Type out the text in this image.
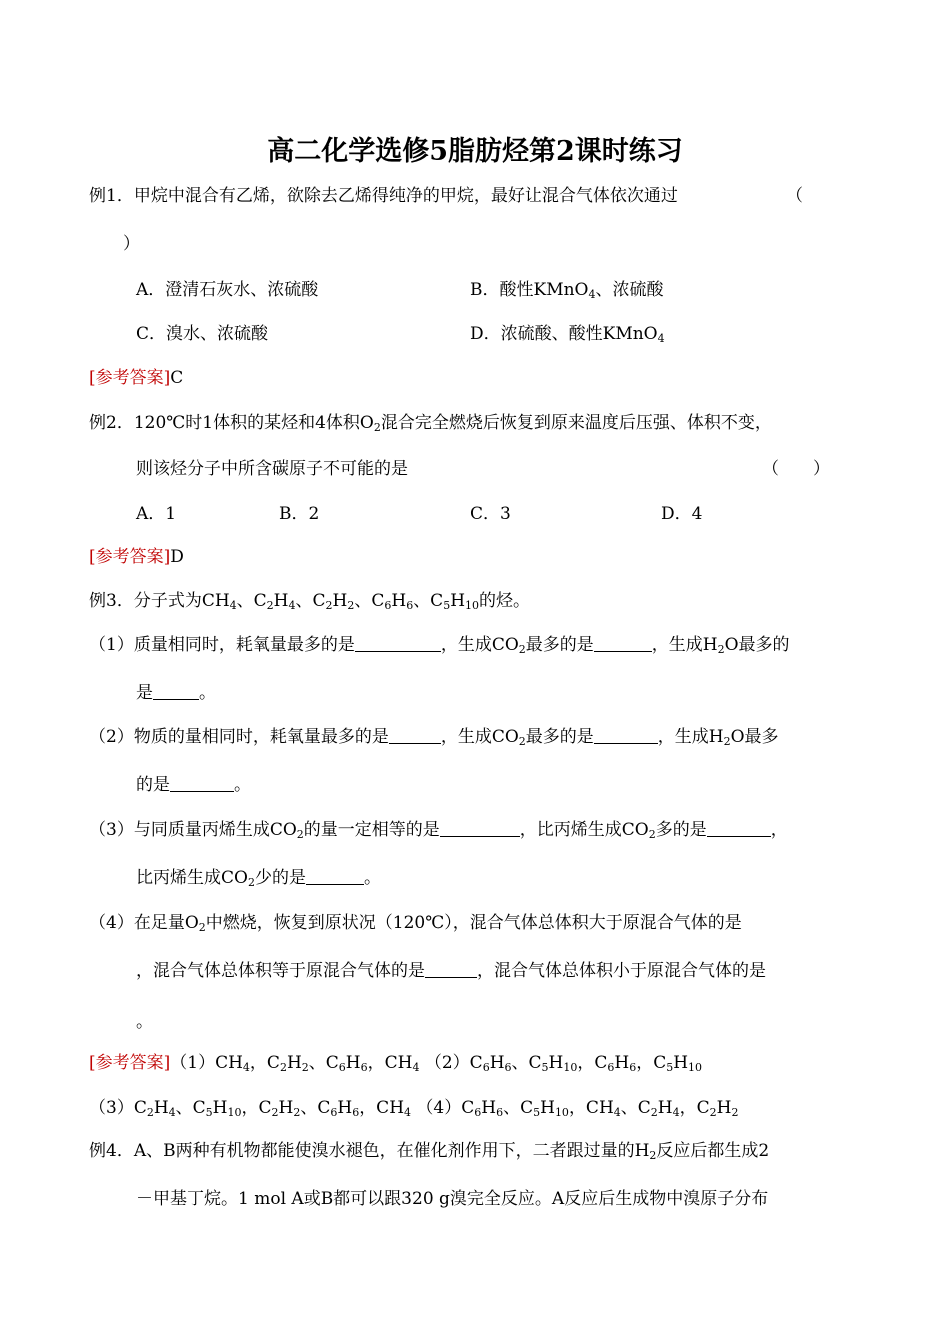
高二化学选修5脂肪烃第2课时练习
例1．甲烷中混合有乙烯，欲除去乙烯得纯净的甲烷，最好让混合气体依次通过	（
）
A．澄清石灰水、浓硫酸	B．酸性KMnO$_4$、浓硫酸
C．溴水、浓硫酸	D．浓硫酸、酸性KMnO$_4$
[参考答案]C
例2．120℃时1体积的某烃和4体积$O_2$混合完全燃烧后恢复到原来温度后压强、体积不变，
则该烃分子中所含碳原子不可能的是	（　　）
A．1	B．2	C．3	D．4
[参考答案]D
例3．分子式为$CH_4$、$C_2H_4$、$C_2H_2$、$C_6H_6$、$C_5H_{10}$的烃。
（1）质量相同时，耗氧量最多的是	，生成$CO_2$最多的是	，生成$H_2O$最多的
是	。
（2）物质的量相同时，耗氧量最多的是	，生成$CO_2$最多的是	，生成$H_2O$最多
的是	。
（3）与同质量丙烯生成$CO_2$的量一定相等的是	，比丙烯生成$CO_2$多的是	，
比丙烯生成$CO_2$少的是	。
（4）在足量$O_2$中燃烧，恢复到原状况（120℃），混合气体总体积大于原混合气体的是
，混合气体总体积等于原混合气体的是	，混合气体总体积小于原混合气体的是
。
[参考答案]$(1)CH_4$，$C_2H_2$、$C_6H_6$，$CH_4$ $(2)C_6H_6$、$C_5H_{10}$，$C_6H_6$，$C_5H_{10}$
$(3)C_2H_4$、$C_5H_{10}$，$C_2H_2$、$C_6H_6$，$CH_4$ $(4)C_6H_6$、$C_5H_{10}$，$CH_4$、$C_2H_4$，$C_2H_2$
例4．A、B两种有机物都能使溴水褪色，在催化剂作用下，二者跟过量的$H_2$反应后都生成2
－甲基丁烷。1 mol A或B都可以跟320 g溴完全反应。A反应后生成物中溴原子分布
